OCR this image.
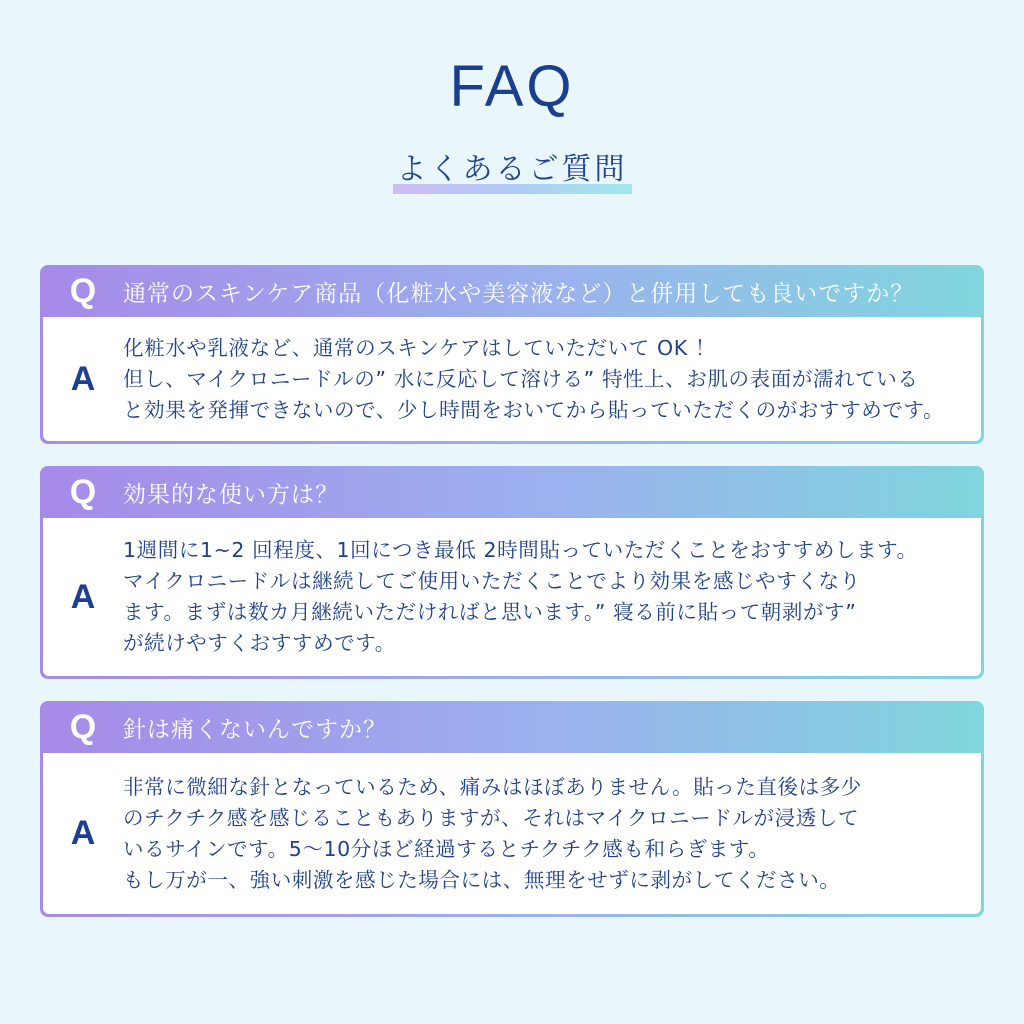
FAQ
よくあるご質問
Q	通常のスキンケア商品（化粧水や美容液など）と併用しても良いですか？
A
化粧水や乳液など、通常のスキンケアはしていただいて OK ！
但し、マイクロニードルの” 水に反応して溶ける” 特性上、お肌の表面が濡れている
と効果を発揮できないので、少し時間をおいてから貼っていただくのがおすすめです。
Q	効果的な使い方は？
A
1週間に1~2 回程度、1回につき最低 2時間貼っていただくことをおすすめします。
マイクロニードルは継続してご使用いただくことでより効果を感じやすくなり
ます。まずは数カ月継続いただければと思います。” 寝る前に貼って朝剥がす”
が続けやすくおすすめです。
Q	針は痛くないんですか？
A
非常に微細な針となっているため、痛みはほぼありません。貼った直後は多少
のチクチク感を感じることもありますが、それはマイクロニードルが浸透して
いるサインです。5〜10分ほど経過するとチクチク感も和らぎます。
もし万が一、強い刺激を感じた場合には、無理をせずに剥がしてください。
